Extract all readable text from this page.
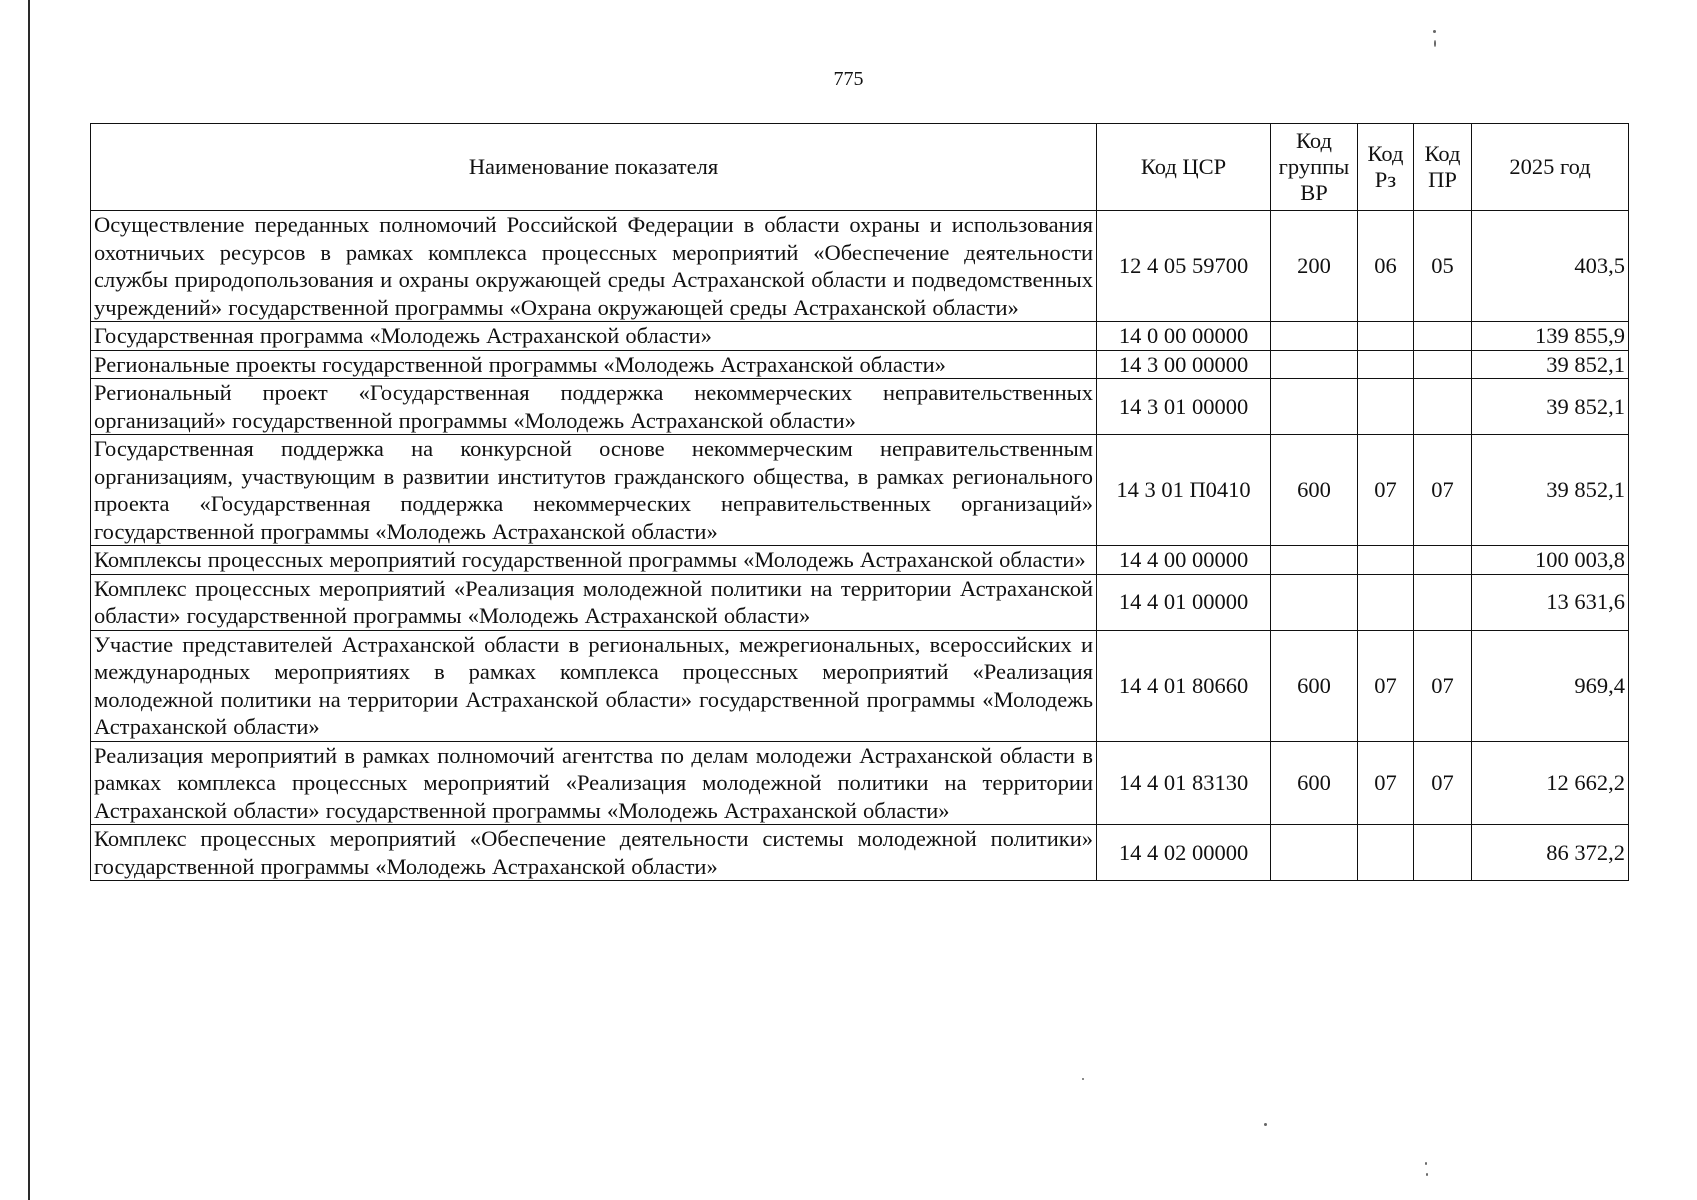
775
Наименование показателя	Код ЦСР	Код группы ВР	Код Рз	Код ПР	2025 год
Осуществление переданных полномочий Российской Федерации в области охраны и использования охотничьих ресурсов в рамках комплекса процессных мероприятий «Обеспечение деятельности службы природопользования и охраны окружающей среды Астраханской области и подведомственных учреждений» государственной программы «Охрана окружающей среды Астраханской области»	12 4 05 59700	200	06	05	403,5
Государственная программа «Молодежь Астраханской области»	14 0 00 00000				139 855,9
Региональные проекты государственной программы «Молодежь Астраханской области»	14 3 00 00000				39 852,1
Региональный проект «Государственная поддержка некоммерческих неправительственных организаций» государственной программы «Молодежь Астраханской области»	14 3 01 00000				39 852,1
Государственная поддержка на конкурсной основе некоммерческим неправительственным организациям, участвующим в развитии институтов гражданского общества, в рамках регионального проекта «Государственная поддержка некоммерческих неправительственных организаций» государственной программы «Молодежь Астраханской области»	14 3 01 П0410	600	07	07	39 852,1
Комплексы процессных мероприятий государственной программы «Молодежь Астраханской области»	14 4 00 00000				100 003,8
Комплекс процессных мероприятий «Реализация молодежной политики на территории Астраханской области» государственной программы «Молодежь Астраханской области»	14 4 01 00000				13 631,6
Участие представителей Астраханской области в региональных, межрегиональных, всероссийских и международных мероприятиях в рамках комплекса процессных мероприятий «Реализация молодежной политики на территории Астраханской области» государственной программы «Молодежь Астраханской области»	14 4 01 80660	600	07	07	969,4
Реализация мероприятий в рамках полномочий агентства по делам молодежи Астраханской области в рамках комплекса процессных мероприятий «Реализация молодежной политики на территории Астраханской области» государственной программы «Молодежь Астраханской области»	14 4 01 83130	600	07	07	12 662,2
Комплекс процессных мероприятий «Обеспечение деятельности системы молодежной политики» государственной программы «Молодежь Астраханской области»	14 4 02 00000				86 372,2
